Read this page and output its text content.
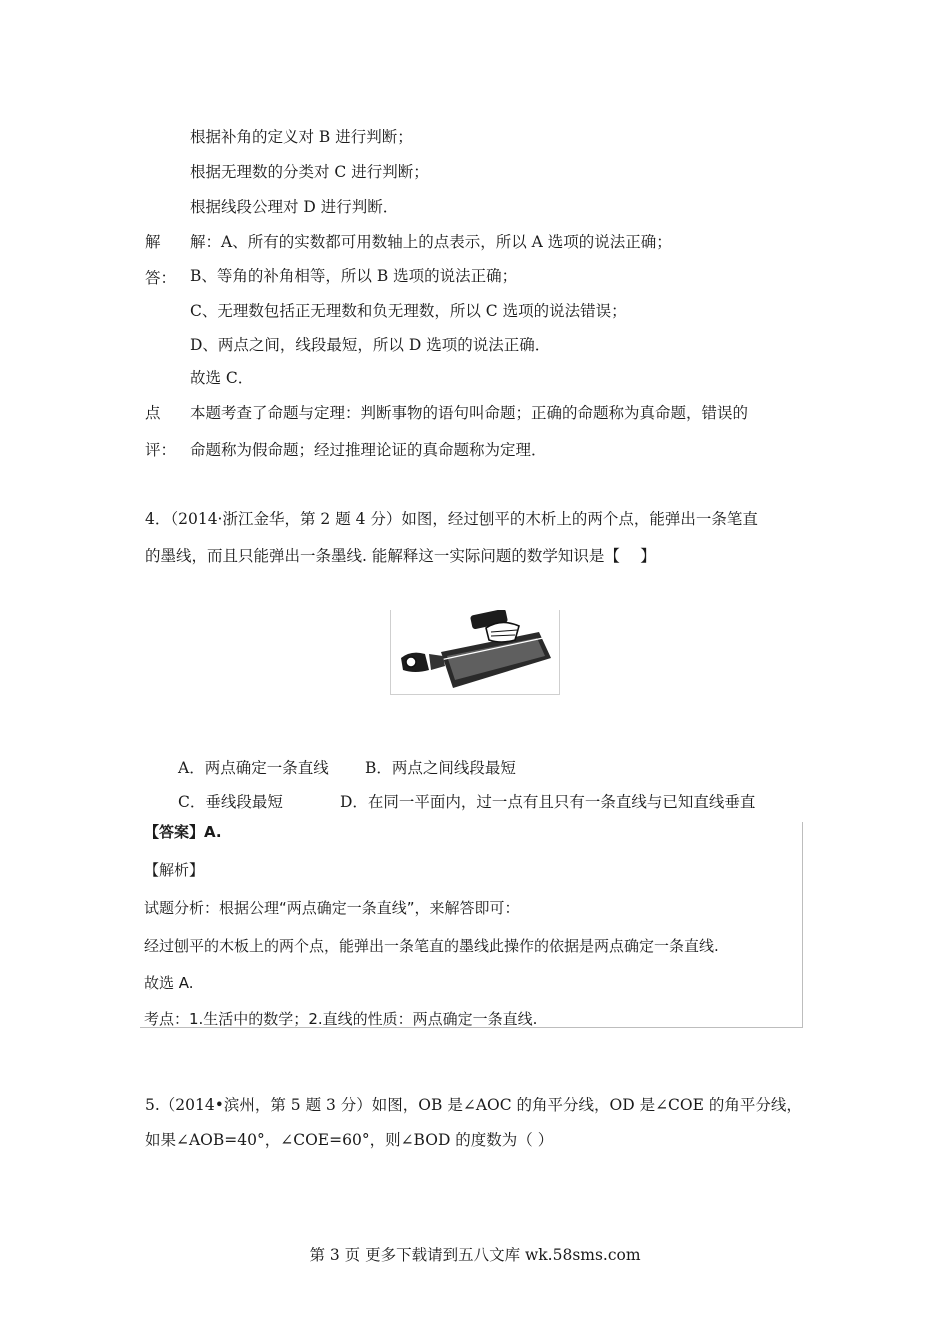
根据补角的定义对 B 进行判断；
根据无理数的分类对 C 进行判断；
根据线段公理对 D 进行判断．
解
答：
解：A、所有的实数都可用数轴上的点表示，所以 A 选项的说法正确；
B、等角的补角相等，所以 B 选项的说法正确；
C、无理数包括正无理数和负无理数，所以 C 选项的说法错误；
D、两点之间，线段最短，所以 D 选项的说法正确．
故选 C．
点
评：
本题考查了命题与定理：判断事物的语句叫命题；正确的命题称为真命题，错误的
命题称为假命题；经过推理论证的真命题称为定理．
4．（2014·浙江金华，第 2 题 4 分）如图，经过刨平的木析上的两个点，能弹出一条笔直
的墨线，而且只能弹出一条墨线. 能解释这一实际问题的数学知识是【　 】
A．两点确定一条直线 B．两点之间线段最短
C．垂线段最短	D．在同一平面内，过一点有且只有一条直线与已知直线垂直
【答案】A.
【解析】
试题分析：根据公理“两点确定一条直线”，来解答即可：
经过刨平的木板上的两个点，能弹出一条笔直的墨线此操作的依据是两点确定一条直线.
故选 A.
考点：1.生活中的数学；2.直线的性质：两点确定一条直线.
5.（2014•滨州，第 5 题 3 分）如图，OB 是∠AOC 的角平分线，OD 是∠COE 的角平分线，
如果∠AOB=40°，∠COE=60°，则∠BOD 的度数为（ ）
第 3 页 更多下载请到五八文库 wk.58sms.com
